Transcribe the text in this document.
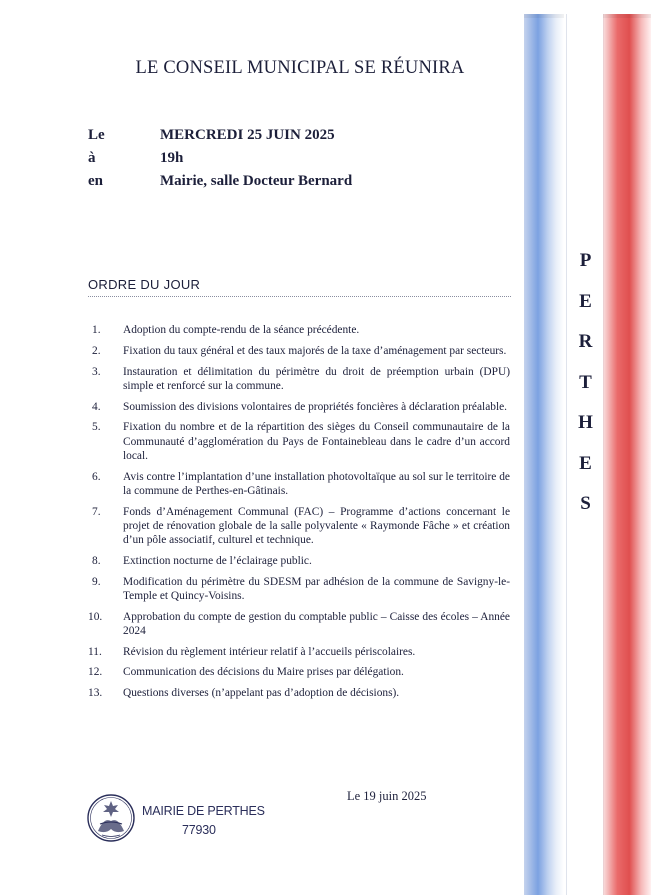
P
E
R
T
H
E
S
LE CONSEIL MUNICIPAL SE RÉUNIRA
Le	MERCREDI 25 JUIN 2025
à	19h
en	Mairie, salle Docteur Bernard
ORDRE DU JOUR
1.	Adoption du compte-rendu de la séance précédente.
2.	Fixation du taux général et des taux majorés de la taxe d’aménagement par secteurs.
3.	Instauration et délimitation du périmètre du droit de préemption urbain (DPU) simple et renforcé sur la commune.
4.	Soumission des divisions volontaires de propriétés foncières à déclaration préalable.
5.	Fixation du nombre et de la répartition des sièges du Conseil communautaire de la Communauté d’agglomération du Pays de Fontainebleau dans le cadre d’un accord local.
6.	Avis contre l’implantation d’une installation photovoltaïque au sol sur le territoire de la commune de Perthes-en-Gâtinais.
7.	Fonds d’Aménagement Communal (FAC) – Programme d’actions concernant le projet de rénovation globale de la salle polyvalente « Raymonde Fâche » et création d’un pôle associatif, culturel et technique.
8.	Extinction nocturne de l’éclairage public.
9.	Modification du périmètre du SDESM par adhésion de la commune de Savigny-le-Temple et Quincy-Voisins.
10.	Approbation du compte de gestion du comptable public – Caisse des écoles – Année 2024
11.	Révision du règlement intérieur relatif à l’accueils périscolaires.
12.	Communication des décisions du Maire prises par délégation.
13.	Questions diverses (n’appelant pas d’adoption de décisions).
MAIRIE DE PERTHES
77930
Le 19 juin 2025
